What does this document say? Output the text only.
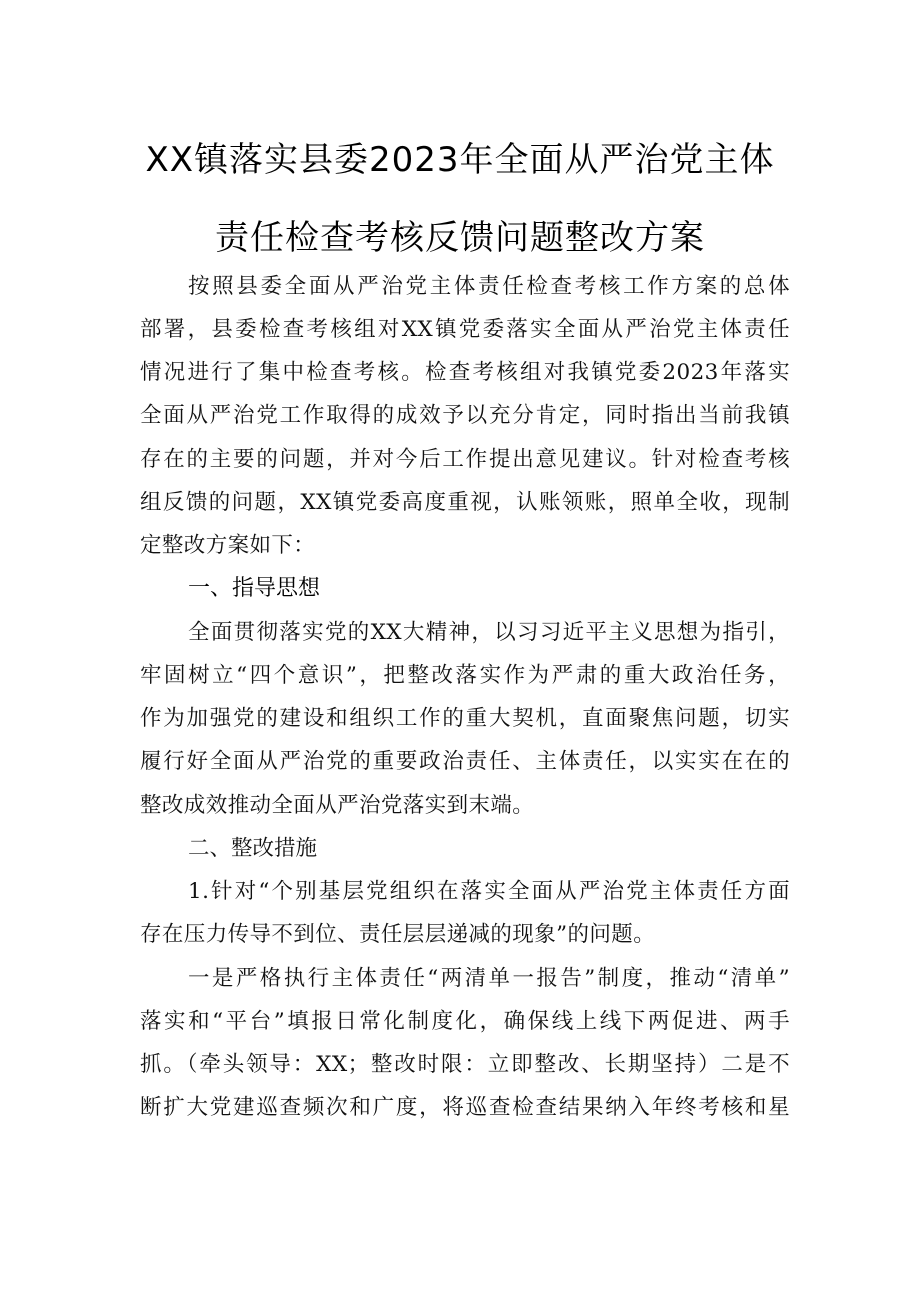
XX镇落实县委2023年全面从严治党主体
责任检查考核反馈问题整改方案
按照县委全面从严治党主体责任检查考核工作方案的总体
部署，县委检查考核组对XX镇党委落实全面从严治党主体责任
情况进行了集中检查考核。检查考核组对我镇党委2023年落实
全面从严治党工作取得的成效予以充分肯定，同时指出当前我镇
存在的主要的问题，并对今后工作提出意见建议。针对检查考核
组反馈的问题，XX镇党委高度重视，认账领账，照单全收，现制
定整改方案如下：
一、指导思想
全面贯彻落实党的XX大精神，以习习近平主义思想为指引，
牢固树立“四个意识”，把整改落实作为严肃的重大政治任务，
作为加强党的建设和组织工作的重大契机，直面聚焦问题，切实
履行好全面从严治党的重要政治责任、主体责任，以实实在在的
整改成效推动全面从严治党落实到末端。
二、整改措施
1.针对“个别基层党组织在落实全面从严治党主体责任方面
存在压力传导不到位、责任层层递减的现象”的问题。
一是严格执行主体责任“两清单一报告”制度，推动“清单”
落实和“平台”填报日常化制度化，确保线上线下两促进、两手
抓。（牵头领导：XX；整改时限：立即整改、长期坚持）二是不
断扩大党建巡查频次和广度，将巡查检查结果纳入年终考核和星
